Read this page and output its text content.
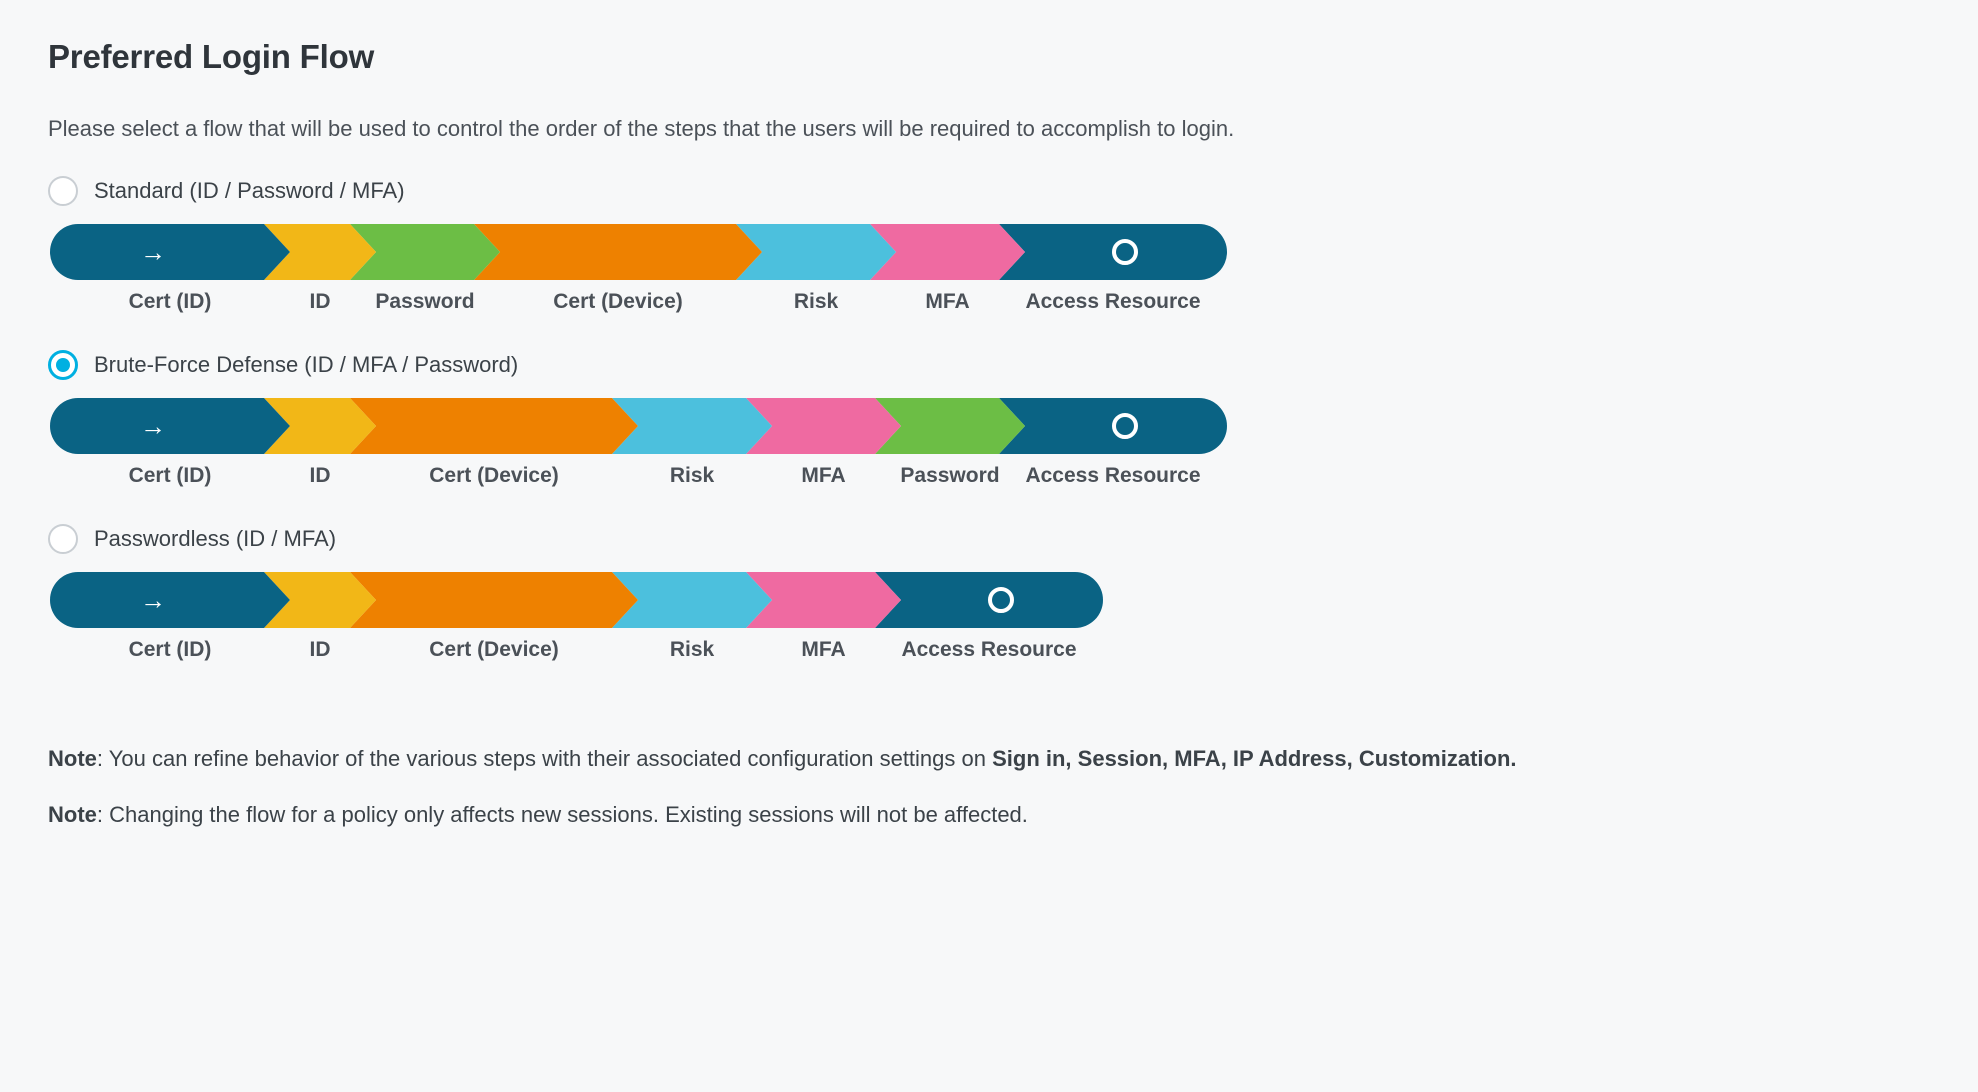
Preferred Login Flow

Please select a flow that will be used to control the order of the steps that the users will be required to accomplish to login.

Standard (ID / Password / MFA)
→
Cert (ID)	ID	Password	Cert (Device)	Risk	MFA	Access Resource
Brute-Force Defense (ID / MFA / Password)
→
Cert (ID)	ID	Cert (Device)	Risk	MFA	Password	Access Resource
Passwordless (ID / MFA)
→
Cert (ID)	ID	Cert (Device)	Risk	MFA	Access Resource

Note: You can refine behavior of the various steps with their associated configuration settings on Sign in, Session, MFA, IP Address, Customization.

Note: Changing the flow for a policy only affects new sessions. Existing sessions will not be affected.
